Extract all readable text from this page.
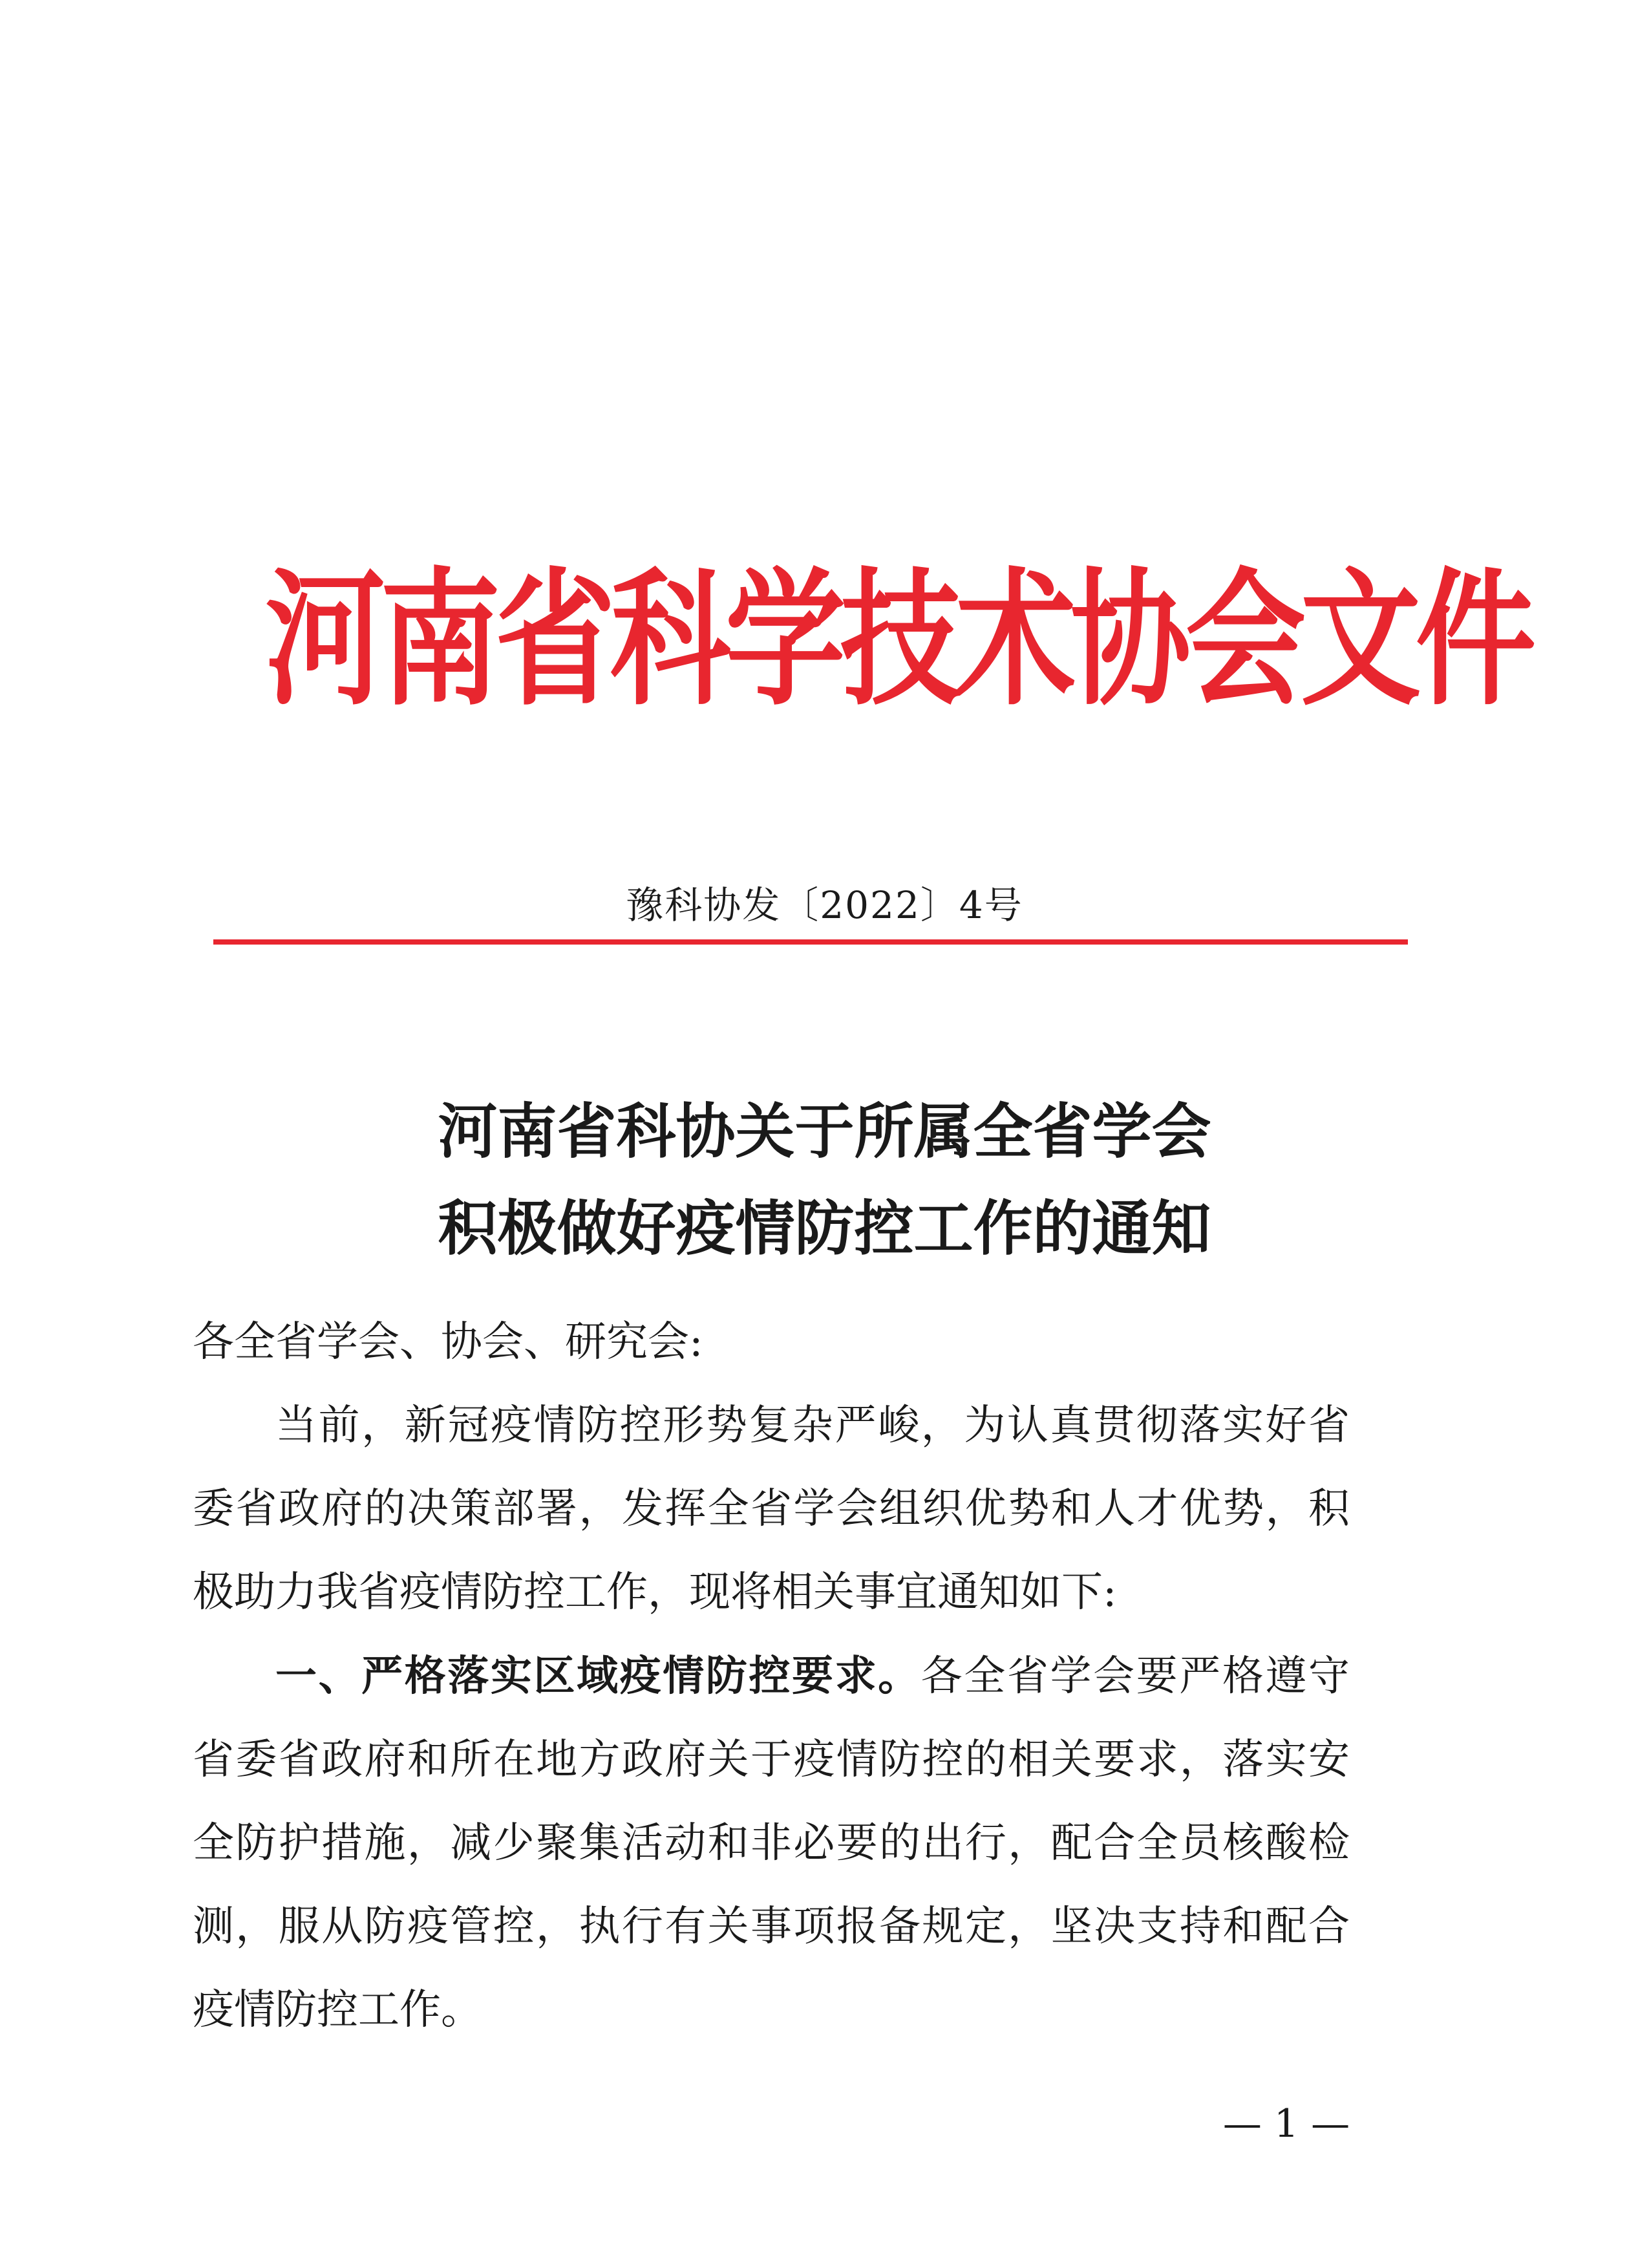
河南省科学技术协会文件
豫科协发〔2022〕4号
河南省科协关于所属全省学会
积极做好疫情防控工作的通知

各全省学会、协会、研究会:

当前，新冠疫情防控形势复杂严峻，为认真贯彻落实好省委省政府的决策部署，发挥全省学会组织优势和人才优势，积极助力我省疫情防控工作，现将相关事宜通知如下:

一、严格落实区域疫情防控要求。各全省学会要严格遵守省委省政府和所在地方政府关于疫情防控的相关要求，落实安全防护措施，减少聚集活动和非必要的出行，配合全员核酸检测，服从防疫管控，执行有关事项报备规定，坚决支持和配合疫情防控工作。

— 1 —
